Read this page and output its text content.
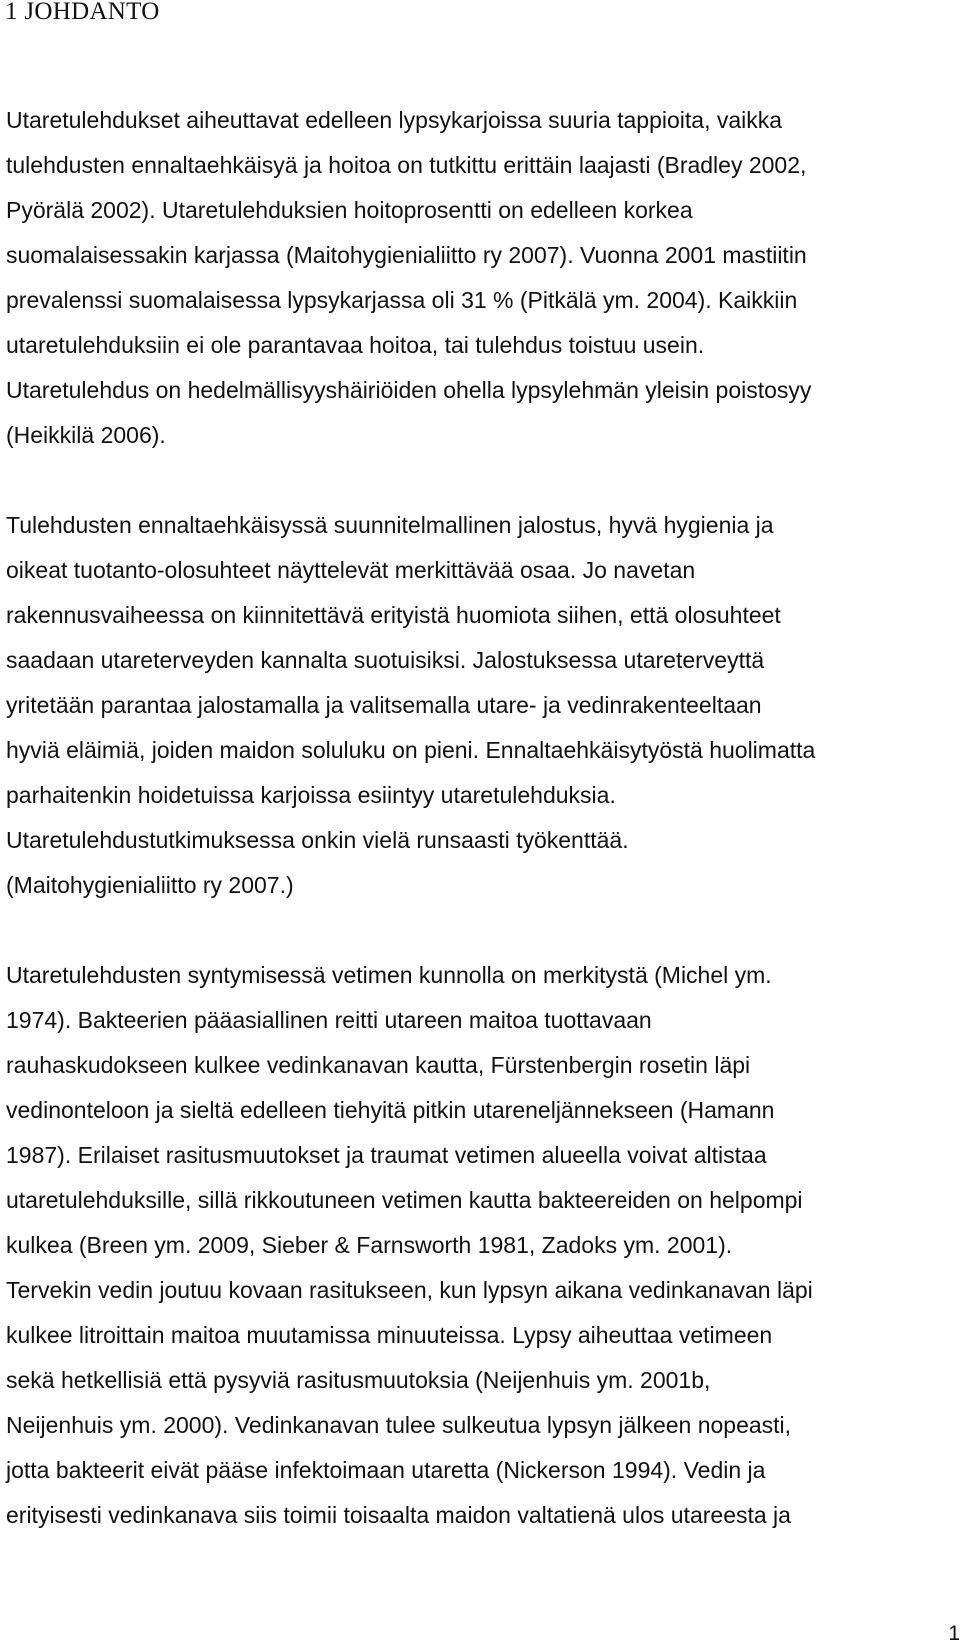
1 JOHDANTO

Utaretulehdukset aiheuttavat edelleen lypsykarjoissa suuria tappioita, vaikka

tulehdusten ennaltaehkäisyä ja hoitoa on tutkittu erittäin laajasti (Bradley 2002,

Pyörälä 2002). Utaretulehduksien hoitoprosentti on edelleen korkea

suomalaisessakin karjassa (Maitohygienialiitto ry 2007). Vuonna 2001 mastiitin

prevalenssi suomalaisessa lypsykarjassa oli 31 % (Pitkälä ym. 2004). Kaikkiin

utaretulehduksiin ei ole parantavaa hoitoa, tai tulehdus toistuu usein.

Utaretulehdus on hedelmällisyyshäiriöiden ohella lypsylehmän yleisin poistosyy

(Heikkilä 2006).

Tulehdusten ennaltaehkäisyssä suunnitelmallinen jalostus, hyvä hygienia ja

oikeat tuotanto-olosuhteet näyttelevät merkittävää osaa. Jo navetan

rakennusvaiheessa on kiinnitettävä erityistä huomiota siihen, että olosuhteet

saadaan utareterveyden kannalta suotuisiksi. Jalostuksessa utareterveyttä

yritetään parantaa jalostamalla ja valitsemalla utare- ja vedinrakenteeltaan

hyviä eläimiä, joiden maidon soluluku on pieni. Ennaltaehkäisytyöstä huolimatta

parhaitenkin hoidetuissa karjoissa esiintyy utaretulehduksia.

Utaretulehdustutkimuksessa onkin vielä runsaasti työkenttää.

(Maitohygienialiitto ry 2007.)

Utaretulehdusten syntymisessä vetimen kunnolla on merkitystä (Michel ym.

1974). Bakteerien pääasiallinen reitti utareen maitoa tuottavaan

rauhaskudokseen kulkee vedinkanavan kautta, Fürstenbergin rosetin läpi

vedinonteloon ja sieltä edelleen tiehyitä pitkin utareneljännekseen (Hamann

1987). Erilaiset rasitusmuutokset ja traumat vetimen alueella voivat altistaa

utaretulehduksille, sillä rikkoutuneen vetimen kautta bakteereiden on helpompi

kulkea (Breen ym. 2009, Sieber & Farnsworth 1981, Zadoks ym. 2001).

Tervekin vedin joutuu kovaan rasitukseen, kun lypsyn aikana vedinkanavan läpi

kulkee litroittain maitoa muutamissa minuuteissa. Lypsy aiheuttaa vetimeen

sekä hetkellisiä että pysyviä rasitusmuutoksia (Neijenhuis ym. 2001b,

Neijenhuis ym. 2000). Vedinkanavan tulee sulkeutua lypsyn jälkeen nopeasti,

jotta bakteerit eivät pääse infektoimaan utaretta (Nickerson 1994). Vedin ja

erityisesti vedinkanava siis toimii toisaalta maidon valtatienä ulos utareesta ja

1
